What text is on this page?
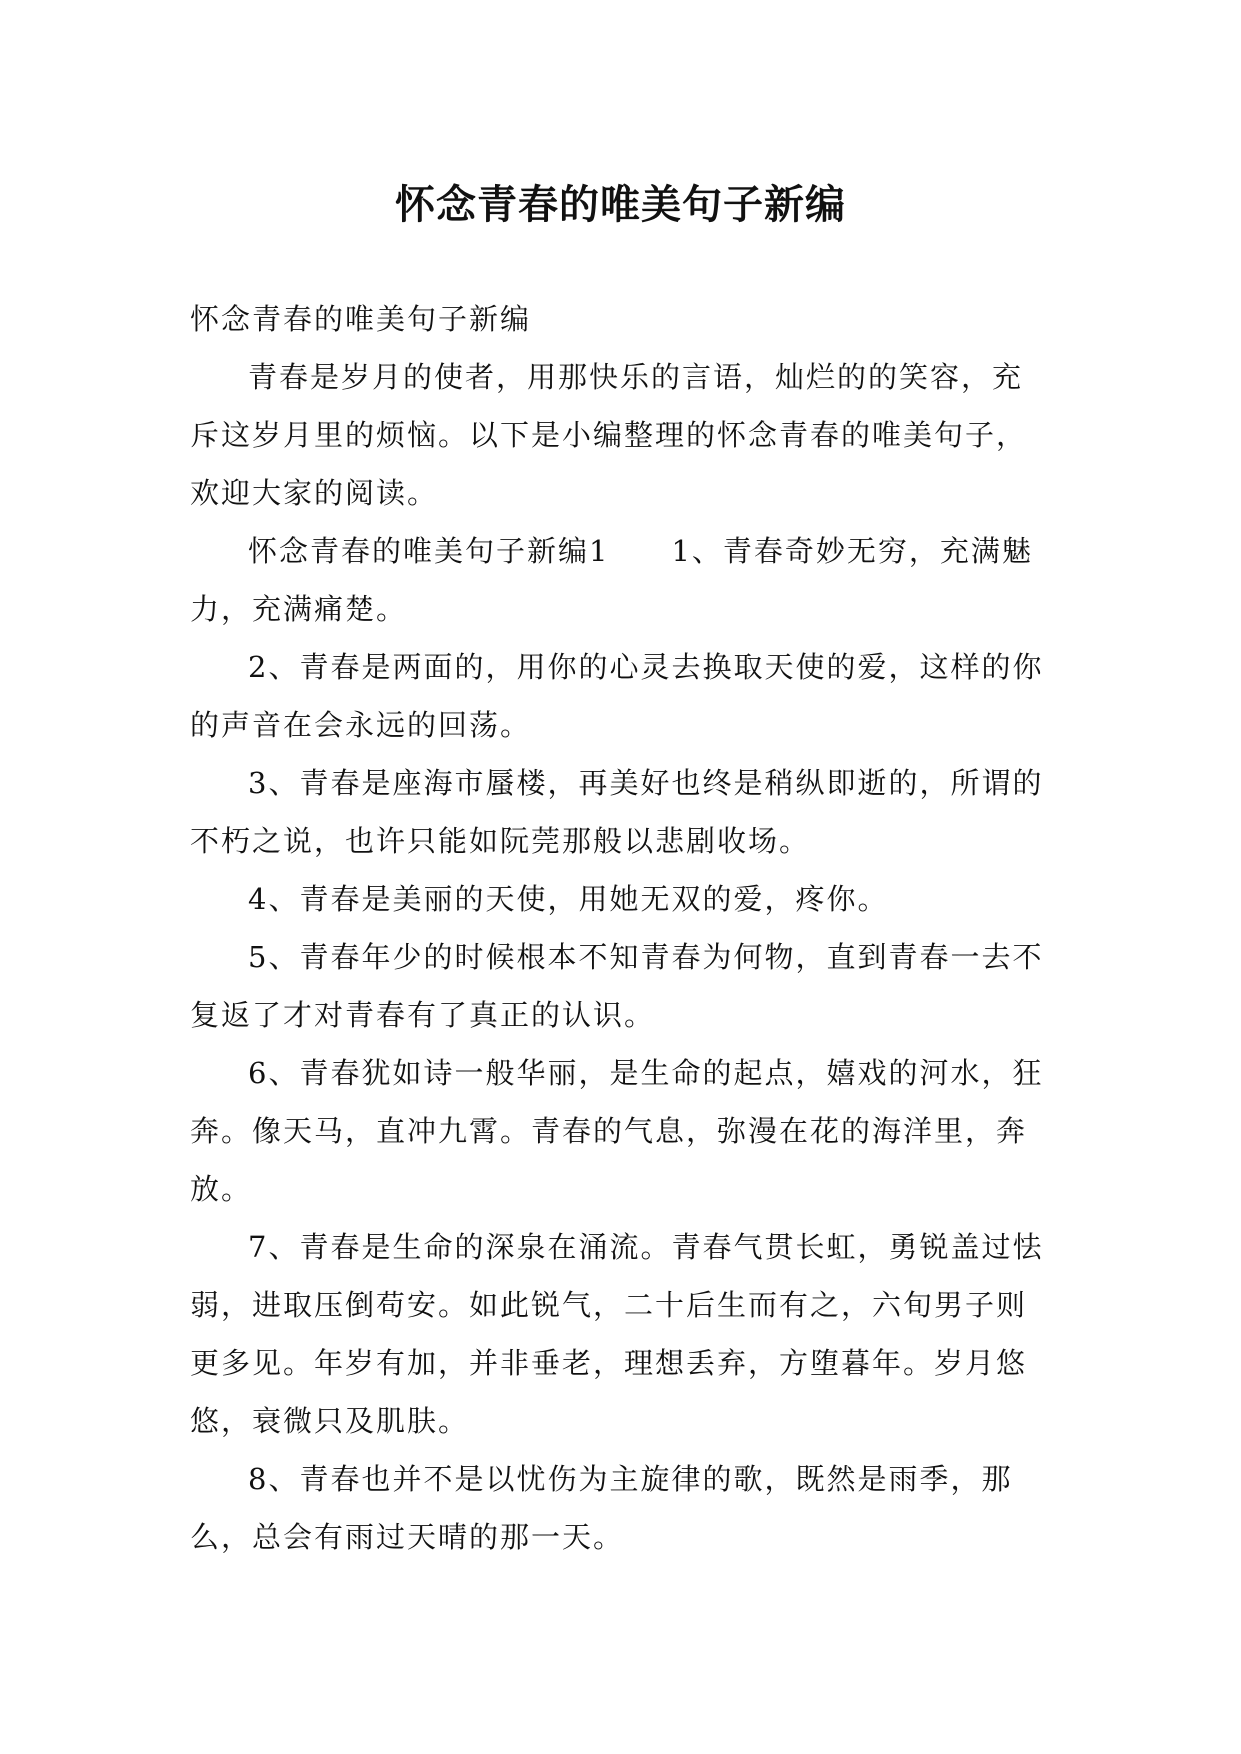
怀念青春的唯美句子新编

怀念青春的唯美句子新编

青春是岁月的使者，用那快乐的言语，灿烂的的笑容，充斥这岁月里的烦恼。以下是小编整理的怀念青春的唯美句子，欢迎大家的阅读。

怀念青春的唯美句子新编1　　1、青春奇妙无穷，充满魅力，充满痛楚。

2、青春是两面的，用你的心灵去换取天使的爱，这样的你的声音在会永远的回荡。

3、青春是座海市蜃楼，再美好也终是稍纵即逝的，所谓的不朽之说，也许只能如阮莞那般以悲剧收场。

4、青春是美丽的天使，用她无双的爱，疼你。

5、青春年少的时候根本不知青春为何物，直到青春一去不复返了才对青春有了真正的认识。

6、青春犹如诗一般华丽，是生命的起点，嬉戏的河水，狂奔。像天马，直冲九霄。青春的气息，弥漫在花的海洋里，奔放。

7、青春是生命的深泉在涌流。青春气贯长虹，勇锐盖过怯弱，进取压倒苟安。如此锐气，二十后生而有之，六旬男子则更多见。年岁有加，并非垂老，理想丢弃，方堕暮年。岁月悠悠，衰微只及肌肤。

8、青春也并不是以忧伤为主旋律的歌，既然是雨季，那么，总会有雨过天晴的那一天。
